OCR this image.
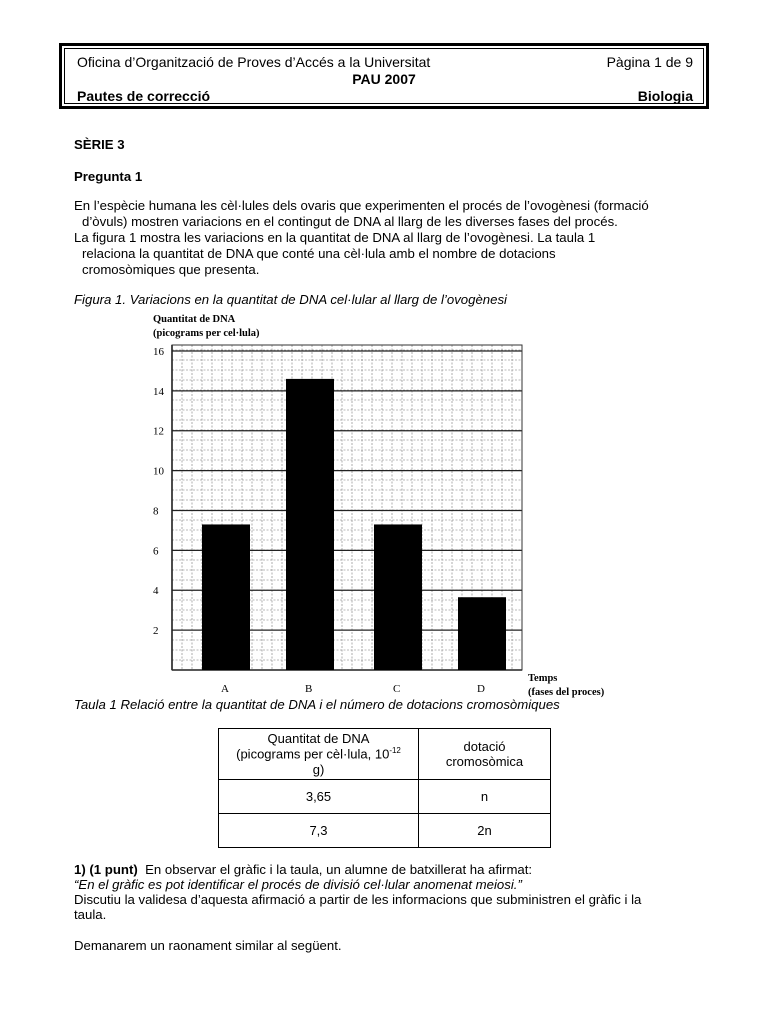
Oficina d’Organització de Proves d’Accés a la Universitat	Pàgina 1 de 9
PAU 2007
Pautes de correcció	Biologia

SÈRIE 3

Pregunta 1

En l’espècie humana les cèl·lules dels ovaris que experimenten el procés de l’ovogènesi (formació

d’òvuls) mostren variacions en el contingut de DNA al llarg de les diverses fases del procés.

La figura 1 mostra les variacions en la quantitat de DNA al llarg de l’ovogènesi. La taula 1

relaciona la quantitat de DNA que conté una cèl·lula amb el nombre de dotacions

cromosòmiques que presenta.

Figura 1. Variacions en la quantitat de DNA cel·lular al llarg de l’ovogènesi

2
4
6
8
10
12
14
16
A	B	C	D
Quantitat de DNA
(picograms per cel·lula)
Temps
(fases del proces)

Taula 1 Relació entre la quantitat de DNA i el número de dotacions cromosòmiques

Quantitat de DNA
(picograms per cèl·lula, $10^{-12}$
g)	dotació
cromosòmica
3,65	n
7,3	2n

1) (1 punt) En observar el gràfic i la taula, un alumne de batxillerat ha afirmat:

“En el gràfic es pot identificar el procés de divisió cel·lular anomenat meiosi.”

Discutiu la validesa d’aquesta afirmació a partir de les informacions que subministren el gràfic i la

taula.

Demanarem un raonament similar al següent.
